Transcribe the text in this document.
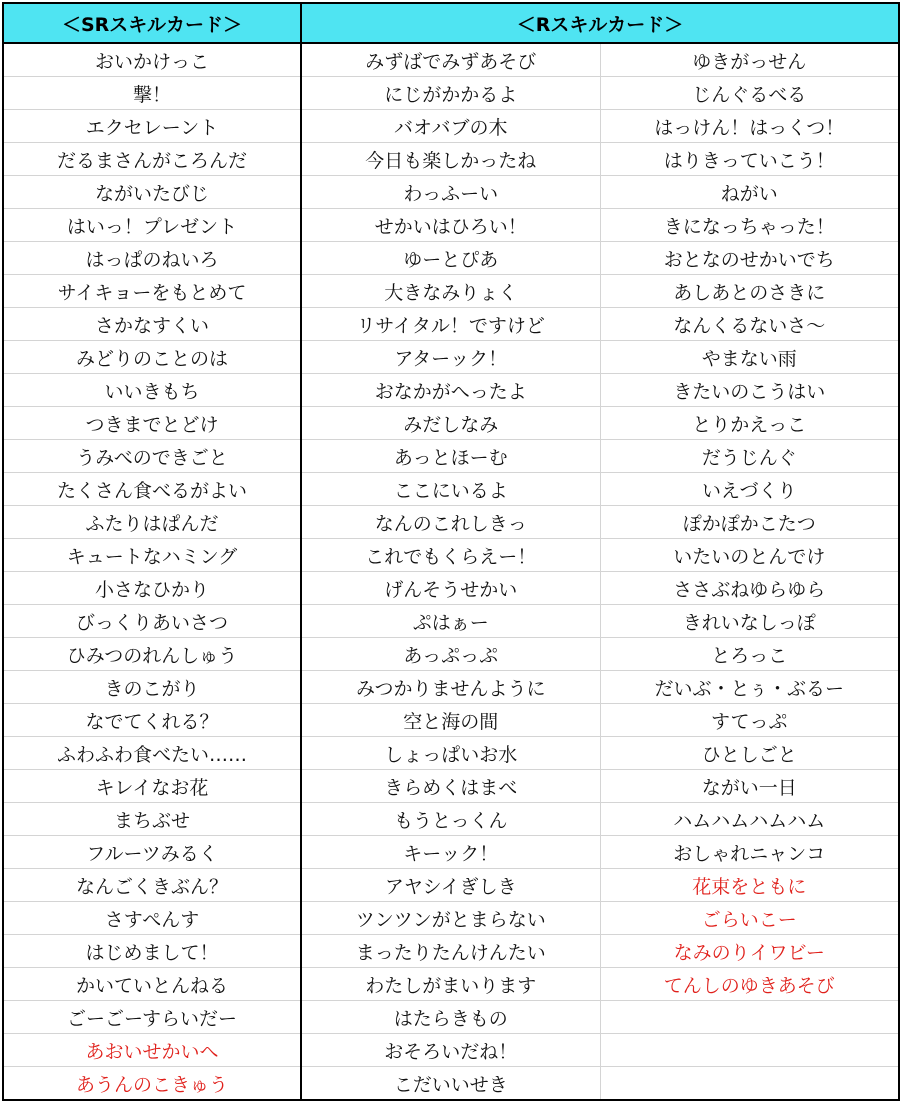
＜SRスキルカード＞	＜Rスキルカード＞	
おいかけっこ	みずばでみずあそび	ゆきがっせん
撃！	にじがかかるよ	じんぐるべる
エクセレーント	バオバブの木	はっけん！はっくつ！
だるまさんがころんだ	今日も楽しかったね	はりきっていこう！
ながいたびじ	わっふーい	ねがい
はいっ！プレゼント	せかいはひろい！	きになっちゃった！
はっぱのねいろ	ゆーとぴあ	おとなのせかいでち
サイキョーをもとめて	大きなみりょく	あしあとのさきに
さかなすくい	リサイタル！ですけど	なんくるないさ～
みどりのことのは	アターック！	やまない雨
いいきもち	おなかがへったよ	きたいのこうはい
つきまでとどけ	みだしなみ	とりかえっこ
うみべのできごと	あっとほーむ	だうじんぐ
たくさん食べるがよい	ここにいるよ	いえづくり
ふたりはぱんだ	なんのこれしきっ	ぽかぽかこたつ
キュートなハミング	これでもくらえー！	いたいのとんでけ
小さなひかり	げんそうせかい	ささぶねゆらゆら
びっくりあいさつ	ぷはぁー	きれいなしっぽ
ひみつのれんしゅう	あっぷっぷ	とろっこ
きのこがり	みつかりませんように	だいぶ・とぅ・ぶるー
なでてくれる？	空と海の間	すてっぷ
ふわふわ食べたい……	しょっぱいお水	ひとしごと
キレイなお花	きらめくはまべ	ながい一日
まちぶせ	もうとっくん	ハムハムハムハム
フルーツみるく	キーック！	おしゃれニャンコ
なんごくきぶん？	アヤシイぎしき	花束をともに
さすぺんす	ツンツンがとまらない	ごらいこー
はじめまして！	まったりたんけんたい	なみのりイワビー
かいていとんねる	わたしがまいります	てんしのゆきあそび
ごーごーすらいだー	はたらきもの	
あおいせかいへ	おそろいだね！	
あうんのこきゅう	こだいいせき	
